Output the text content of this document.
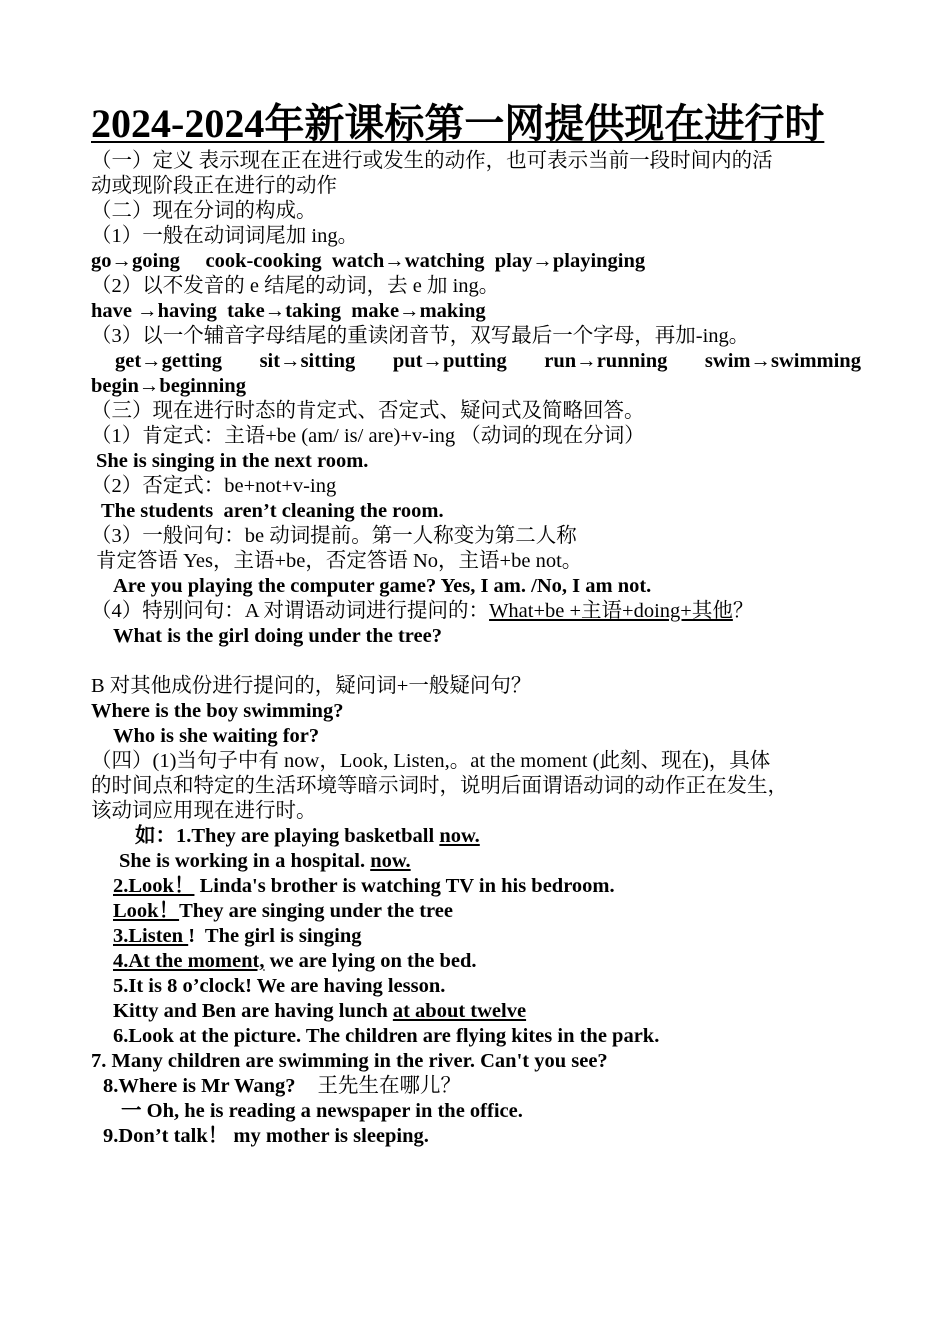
2024-2024年新课标第一网提供现在进行时
（一）定义 表示现在正在进行或发生的动作，也可表示当前一段时间内的活
动或现阶段正在进行的动作
（二）现在分词的构成。
（1）一般在动词词尾加 ing。
go→going     cook-cooking  watch→watching  play→playinging
（2）以不发音的 e 结尾的动词，去 e 加 ing。
have →having  take→taking  make→making
（3）以一个辅音字母结尾的重读闭音节，双写最后一个字母，再加-ing。
get→getting sit→sitting put→putting run→running swim→swimming
begin→beginning
（三）现在进行时态的肯定式、否定式、疑问式及简略回答。
（1）肯定式：主语+be (am/ is/ are)+v-ing （动词的现在分词）
She is singing in the next room.
（2）否定式：be+not+v-ing
The students  aren’t cleaning the room.
（3）一般问句：be 动词提前。第一人称变为第二人称
肯定答语 Yes，主语+be，否定答语 No，主语+be not。
Are you playing the computer game? Yes, I am. /No, I am not.
（4）特别问句：A 对谓语动词进行提问的：What+be +主语+doing+其他？
What is the girl doing under the tree?
B 对其他成份进行提问的，疑问词+一般疑问句？
Where is the boy swimming?
Who is she waiting for?
（四）(1)当句子中有 now，Look, Listen,。at the moment (此刻、现在)，具体
的时间点和特定的生活环境等暗示词时，说明后面谓语动词的动作正在发生，
该动词应用现在进行时。
如：1.They are playing basketball now.
She is working in a hospital. now.
2.Look！ Linda's brother is watching TV in his bedroom.
Look！They are singing under the tree
3.Listen !  The girl is singing
4.At the moment, we are lying on the bed.
5.It is 8 o’clock! We are having lesson.
Kitty and Ben are having lunch at about twelve
6.Look at the picture. The children are flying kites in the park.
7. Many children are swimming in the river. Can't you see?
8.Where is Mr Wang? 王先生在哪儿？
一 Oh, he is reading a newspaper in the office.
9.Don’t talk！ my mother is sleeping.
